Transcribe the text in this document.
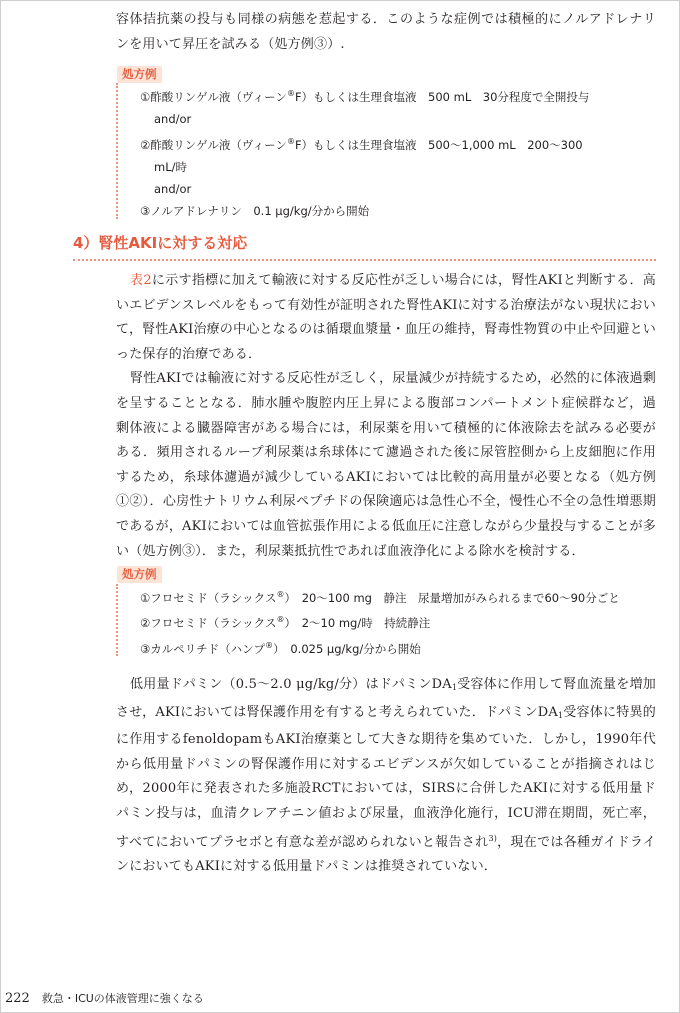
容体拮抗薬の投与も同様の病態を惹起する．このような症例では積極的にノルアドレナリンを用いて昇圧を試みる（処方例③）.

処方例
①酢酸リンゲル液（ヴィーン®F）もしくは生理食塩液　500 mL　30分程度で全開投与
and/or
②酢酸リンゲル液（ヴィーン®F）もしくは生理食塩液　500～1,000 mL　200～300
mL/時
and/or
③ノルアドレナリン　0.1 μg/kg/分から開始
4）腎性AKIに対する対応

表2に示す指標に加えて輸液に対する反応性が乏しい場合には，腎性AKIと判断する．高いエビデンスレベルをもって有効性が証明された腎性AKIに対する治療法がない現状において，腎性AKI治療の中心となるのは循環血漿量・血圧の維持，腎毒性物質の中止や回避といった保存的治療である．

腎性AKIでは輸液に対する反応性が乏しく，尿量減少が持続するため，必然的に体液過剰を呈することとなる．肺水腫や腹腔内圧上昇による腹部コンパートメント症候群など，過剰体液による臓器障害がある場合には，利尿薬を用いて積極的に体液除去を試みる必要がある．頻用されるループ利尿薬は糸球体にて濾過された後に尿管腔側から上皮細胞に作用するため，糸球体濾過が減少しているAKIにおいては比較的高用量が必要となる（処方例①②）．心房性ナトリウム利尿ペプチドの保険適応は急性心不全，慢性心不全の急性増悪期であるが，AKIにおいては血管拡張作用による低血圧に注意しながら少量投与することが多い（処方例③）．また，利尿薬抵抗性であれば血液浄化による除水を検討する．

処方例
①フロセミド（ラシックス®）　20～100 mg　静注　尿量増加がみられるまで60～90分ごと
②フロセミド（ラシックス®）　2～10 mg/時　持続静注
③カルペリチド（ハンプ®）　0.025 μg/kg/分から開始

低用量ドパミン（0.5～2.0 μg/kg/分）はドパミン$DA_1$受容体に作用して腎血流量を増加させ，AKIにおいては腎保護作用を有すると考えられていた．ドパミン$DA_1$受容体に特異的に作用するfenoldopamもAKI治療薬として大きな期待を集めていた．しかし，1990年代から低用量ドパミンの腎保護作用に対するエビデンスが欠如していることが指摘されはじめ，2000年に発表された多施設RCTにおいては，SIRSに合併したAKIに対する低用量ドパミン投与は，血清クレアチニン値および尿量，血液浄化施行，ICU滞在期間，死亡率，すべてにおいてプラセボと有意な差が認められないと報告され$^{3)}$，現在では各種ガイドラインにおいてもAKIに対する低用量ドパミンは推奨されていない．

222 救急・ICUの体液管理に強くなる
